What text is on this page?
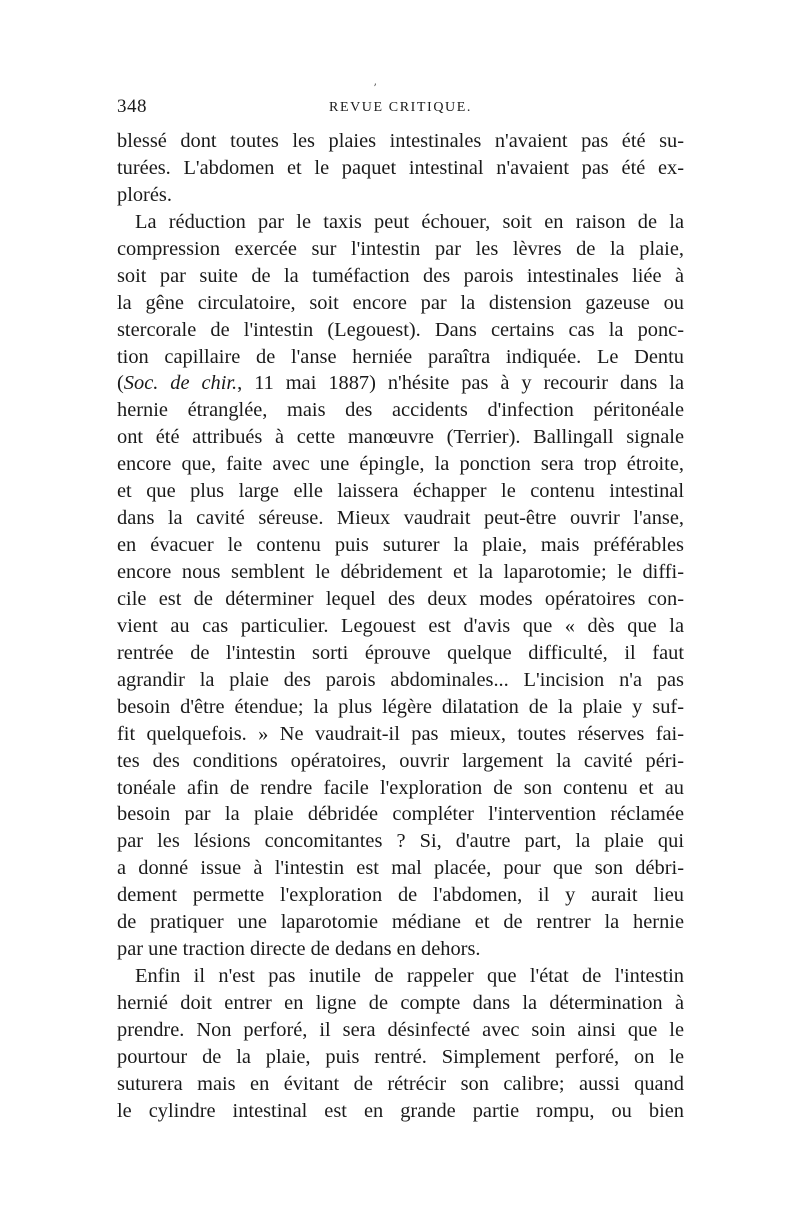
348
ʼ
REVUE CRITIQUE.
blessé dont toutes les plaies intestinales n'avaient pas été su-
turées. L'abdomen et le paquet intestinal n'avaient pas été ex-
plorés.
La réduction par le taxis peut échouer, soit en raison de la
compression exercée sur l'intestin par les lèvres de la plaie,
soit par suite de la tuméfaction des parois intestinales liée à
la gêne circulatoire, soit encore par la distension gazeuse ou
stercorale de l'intestin (Legouest). Dans certains cas la ponc-
tion capillaire de l'anse herniée paraîtra indiquée. Le Dentu
(Soc. de chir., 11 mai 1887) n'hésite pas à y recourir dans la
hernie étranglée, mais des accidents d'infection péritonéale
ont été attribués à cette manœuvre (Terrier). Ballingall signale
encore que, faite avec une épingle, la ponction sera trop étroite,
et que plus large elle laissera échapper le contenu intestinal
dans la cavité séreuse. Mieux vaudrait peut-être ouvrir l'anse,
en évacuer le contenu puis suturer la plaie, mais préférables
encore nous semblent le débridement et la laparotomie; le diffi-
cile est de déterminer lequel des deux modes opératoires con-
vient au cas particulier. Legouest est d'avis que « dès que la
rentrée de l'intestin sorti éprouve quelque difficulté, il faut
agrandir la plaie des parois abdominales... L'incision n'a pas
besoin d'être étendue; la plus légère dilatation de la plaie y suf-
fit quelquefois. » Ne vaudrait-il pas mieux, toutes réserves fai-
tes des conditions opératoires, ouvrir largement la cavité péri-
tonéale afin de rendre facile l'exploration de son contenu et au
besoin par la plaie débridée compléter l'intervention réclamée
par les lésions concomitantes ? Si, d'autre part, la plaie qui
a donné issue à l'intestin est mal placée, pour que son débri-
dement permette l'exploration de l'abdomen, il y aurait lieu
de pratiquer une laparotomie médiane et de rentrer la hernie
par une traction directe de dedans en dehors.
Enfin il n'est pas inutile de rappeler que l'état de l'intestin
hernié doit entrer en ligne de compte dans la détermination à
prendre. Non perforé, il sera désinfecté avec soin ainsi que le
pourtour de la plaie, puis rentré. Simplement perforé, on le
suturera mais en évitant de rétrécir son calibre; aussi quand
le cylindre intestinal est en grande partie rompu, ou bien
